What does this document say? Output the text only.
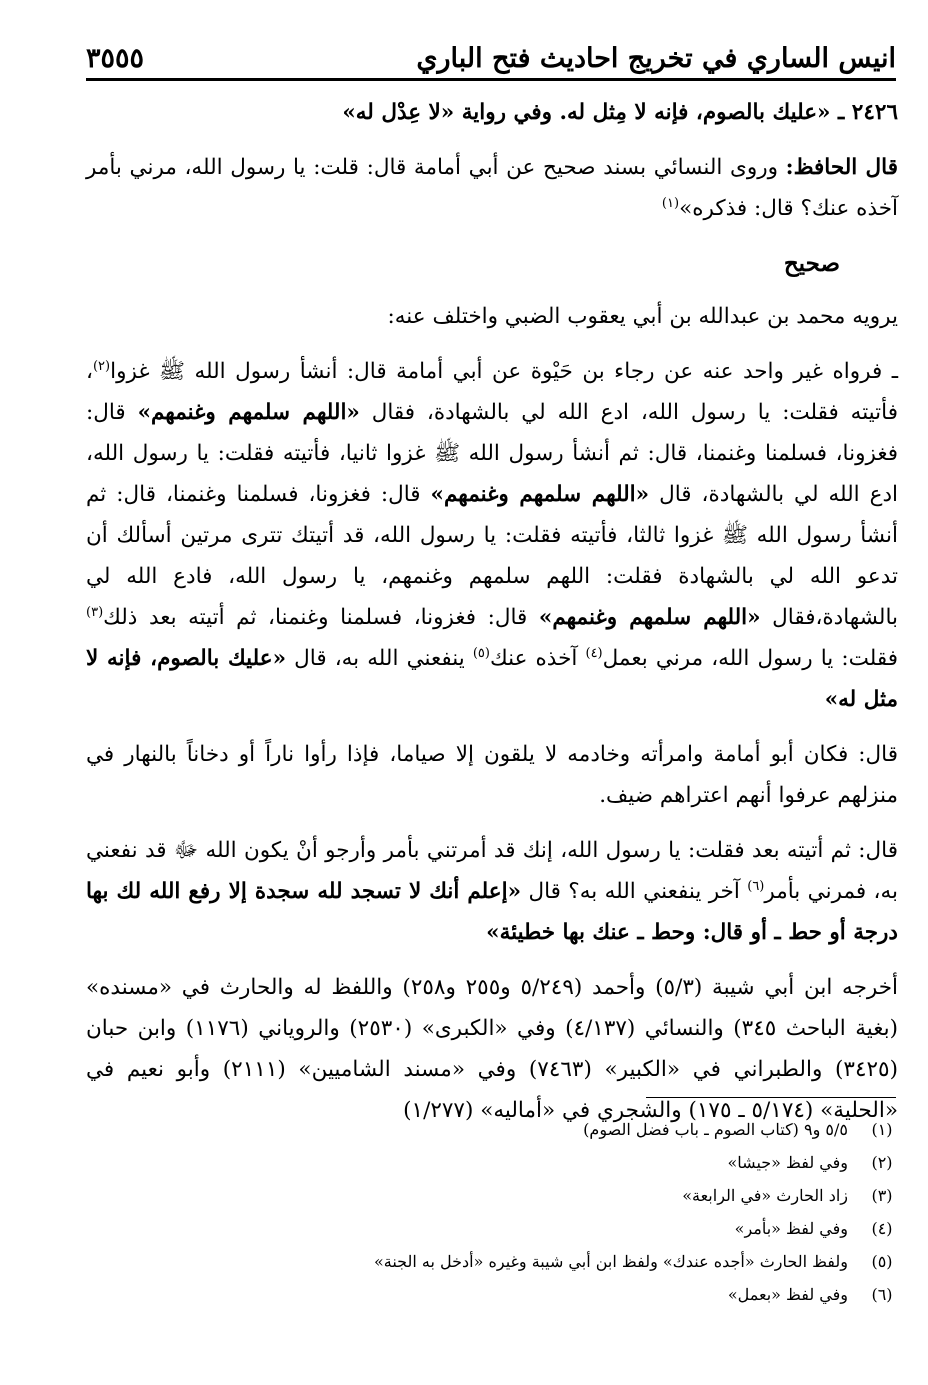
٣٥٥٥	انيس الساري في تخريج احاديث فتح الباري

٢٤٢٦ ـ «عليك بالصوم، فإنه لا مِثل له. وفي رواية «لا عِدْل له»

قال الحافظ: وروى النسائي بسند صحيح عن أبي أمامة قال: قلت: يا رسول الله، مرني بأمر آخذه عنك؟ قال: فذكره»$^{(١)}$

صحيح

يرويه محمد بن عبدالله بن أبي يعقوب الضبي واختلف عنه:

ـ فرواه غير واحد عنه عن رجاء بن حَيْوة عن أبي أمامة قال: أنشأ رسول الله ﷺ غزوا$^{(٢)}$، فأتيته فقلت: يا رسول الله، ادع الله لي بالشهادة، فقال «اللهم سلمهم وغنمهم» قال: فغزونا، فسلمنا وغنمنا، قال: ثم أنشأ رسول الله ﷺ غزوا ثانيا، فأتيته فقلت: يا رسول الله، ادع الله لي بالشهادة، قال «اللهم سلمهم وغنمهم» قال: فغزونا، فسلمنا وغنمنا، قال: ثم أنشأ رسول الله ﷺ غزوا ثالثا، فأتيته فقلت: يا رسول الله، قد أتيتك تترى مرتين أسألك أن تدعو الله لي بالشهادة فقلت: اللهم سلمهم وغنمهم، يا رسول الله، فادع الله لي بالشهادة،فقال «اللهم سلمهم وغنمهم» قال: فغزونا، فسلمنا وغنمنا، ثم أتيته بعد ذلك$^{(٣)}$ فقلت: يا رسول الله، مرني بعمل$^{(٤)}$ آخذه عنك$^{(٥)}$ ينفعني الله به، قال «عليك بالصوم، فإنه لا مثل له»

قال: فكان أبو أمامة وامرأته وخادمه لا يلقون إلا صياما، فإذا رأوا ناراً أو دخاناً بالنهار في منزلهم عرفوا أنهم اعتراهم ضيف.

قال: ثم أتيته بعد فقلت: يا رسول الله، إنك قد أمرتني بأمر وأرجو أنْ يكون الله ﷻ قد نفعني به، فمرني بأمر$^{(٦)}$ آخر ينفعني الله به؟ قال «إعلم أنك لا تسجد لله سجدة إلا رفع الله لك بها درجة أو حط ـ أو قال: وحط ـ عنك بها خطيئة»

أخرجه ابن أبي شيبة (٥/٣) وأحمد (٥/٢٤٩ و٢٥٥ و٢٥٨) واللفظ له والحارث في «مسنده» (بغية الباحث ٣٤٥) والنسائي (٤/١٣٧) وفي «الكبرى» (٢٥٣٠) والروياني (١١٧٦) وابن حبان (٣٤٢٥) والطبراني في «الكبير» (٧٤٦٣) وفي «مسند الشاميين» (٢١١١) وأبو نعيم في «الحلية» (٥/١٧٤ ـ ١٧٥) والشجري في «أماليه» (١/٢٧٧)

(١)
٥/٥ و٩ (كتاب الصوم ـ باب فضل الصوم)
(٢)
وفي لفظ «جيشا»
(٣)
زاد الحارث «في الرابعة»
(٤)
وفي لفظ «بأمر»
(٥)
ولفظ الحارث «أجده عندك» ولفظ ابن أبي شيبة وغيره «أدخل به الجنة»
(٦)
وفي لفظ «بعمل»
